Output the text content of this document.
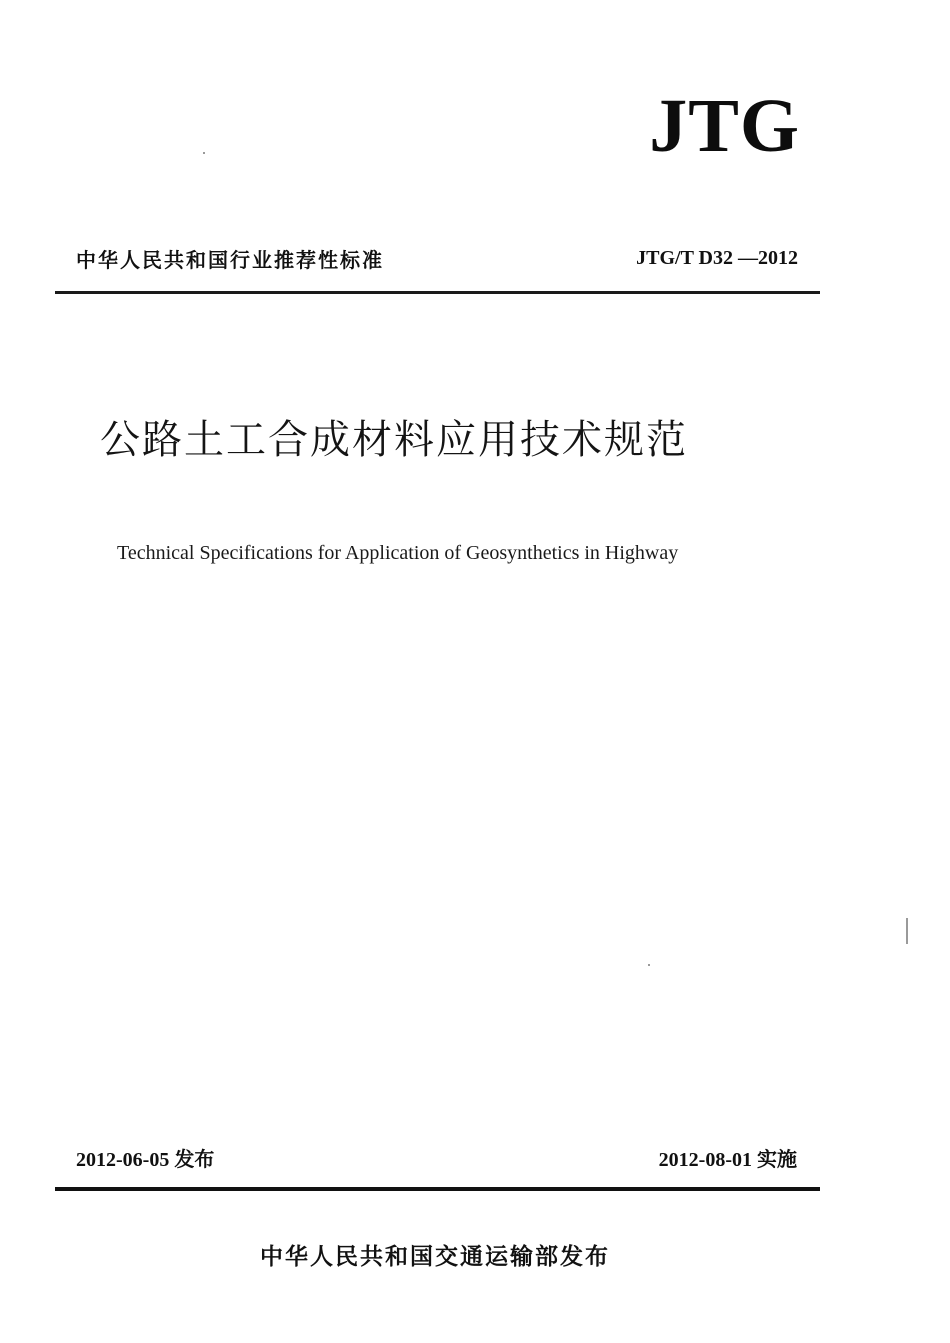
JTG
中华人民共和国行业推荐性标准	JTG/T D32 —2012
公路土工合成材料应用技术规范
Technical Specifications for Application of Geosynthetics in Highway
2012-06-05 发布	2012-08-01 实施
中华人民共和国交通运输部发布
